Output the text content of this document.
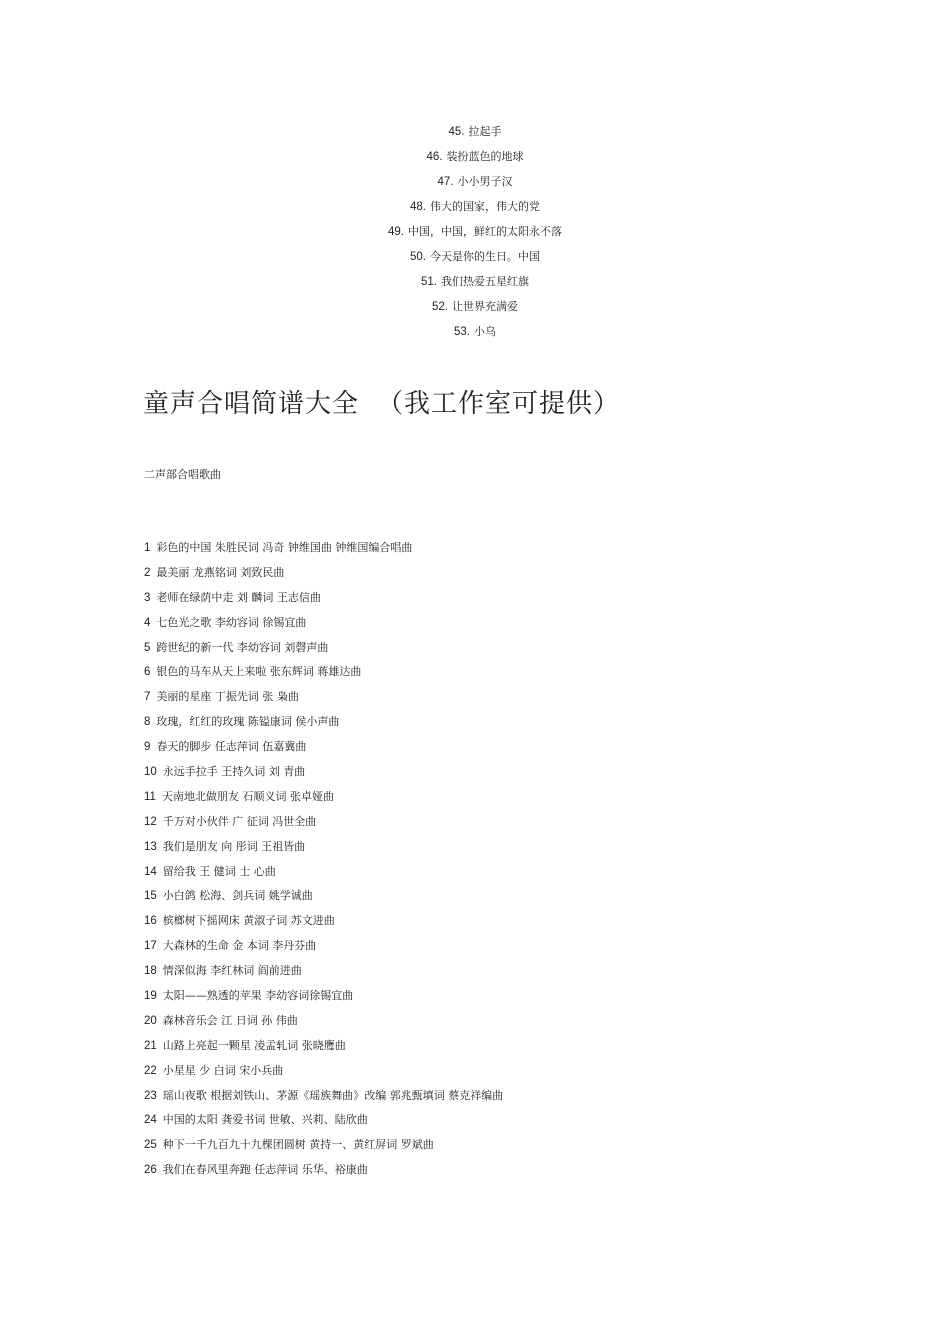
45. 拉起手
46. 装扮蓝色的地球
47. 小小男子汉
48. 伟大的国家，伟大的党
49. 中国，中国，鲜红的太阳永不落
50. 今天是你的生日。中国
51. 我们热爱五星红旗
52. 让世界充满爱
53. 小乌
童声合唱简谱大全 （我工作室可提供）

二声部合唱歌曲

1 彩色的中国 朱胜民词 冯奇 钟维国曲 钟维国编合唱曲
2 最美丽 龙燕铭词 刘致民曲
3 老师在绿荫中走 刘 麟词 王志信曲
4 七色光之歌 李幼容词 徐锡宜曲
5 跨世纪的新一代 李幼容词 刘磬声曲
6 银色的马车从天上来啦 张东辉词 蒋雄达曲
7 美丽的星座 丁振先词 张 枭曲
8 玫瑰，红红的玫瑰 陈镒康词 侯小声曲
9 春天的脚步 任志萍词 伍嘉冀曲
10 永远手拉手 王持久词 刘 青曲
11 天南地北做朋友 石顺义词 张卓娅曲
12 千万对小伙伴 广 征词 冯世全曲
13 我们是朋友 向 彤词 王祖皆曲
14 留给我 王 健词 士 心曲
15 小白鸽 松海、剑兵词 姚学诚曲
16 槟榔树下摇网床 黄淑子词 苏文进曲
17 大森林的生命 金 本词 李丹芬曲
18 情深似海 李红林词 阎前进曲
19 太阳——熟透的苹果 李幼容词徐锡宜曲
20 森林音乐会 江 日词 孙 伟曲
21 山路上亮起一颗星 凌孟轧词 张晓鹰曲
22 小星星 少 白词 宋小兵曲
23 瑶山夜歌 根据刘铁山、茅源《瑶族舞曲》改编 郭兆甄填词 蔡克祥编曲
24 中国的太阳 龚爱书词 世敏、兴莉、陆欣曲
25 种下一千九百九十九棵团圆树 黄持一、黄红屏词 罗斌曲
26 我们在春风里奔跑 任志萍词 乐华、裕康曲
